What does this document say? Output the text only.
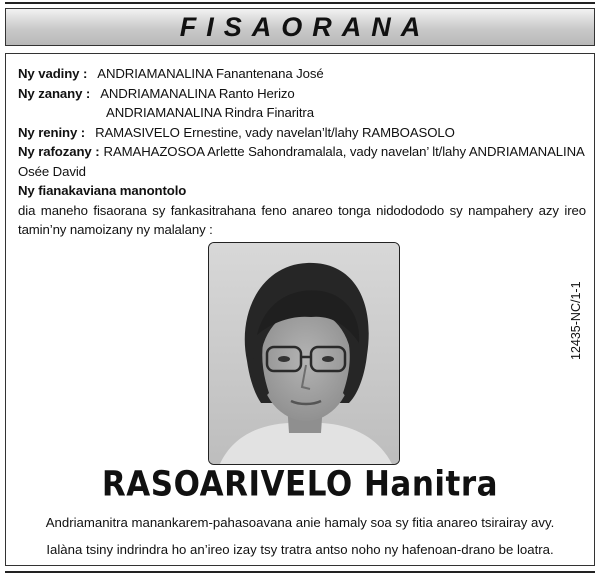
FISAORANA
Ny vadiny : ANDRIAMANALINA Fanantenana José
Ny zanany : ANDRIAMANALINA Ranto Herizo
ANDRIAMANALINA Rindra Finaritra
Ny reniny : RAMASIVELO Ernestine, vady navelan’lt/lahy RAMBOASOLO
Ny rafozany : RAMAHAZOSOA Arlette Sahondramalala, vady navelan’ lt/lahy ANDRIAMANALINA
Osée David
Ny fianakaviana manontolo
dia maneho fisaorana sy fankasitrahana feno anareo tonga nidodododo sy nampahery azy ireo tamin’ny namoizany ny malalany :
RASOARIVELO Hanitra
Andriamanitra manankarem-pahasoavana anie hamaly soa sy fitia anareo tsirairay avy.
Ialàna tsiny indrindra ho an’ireo izay tsy tratra antso noho ny hafenoan-drano be loatra.
12435-NC/1-1
